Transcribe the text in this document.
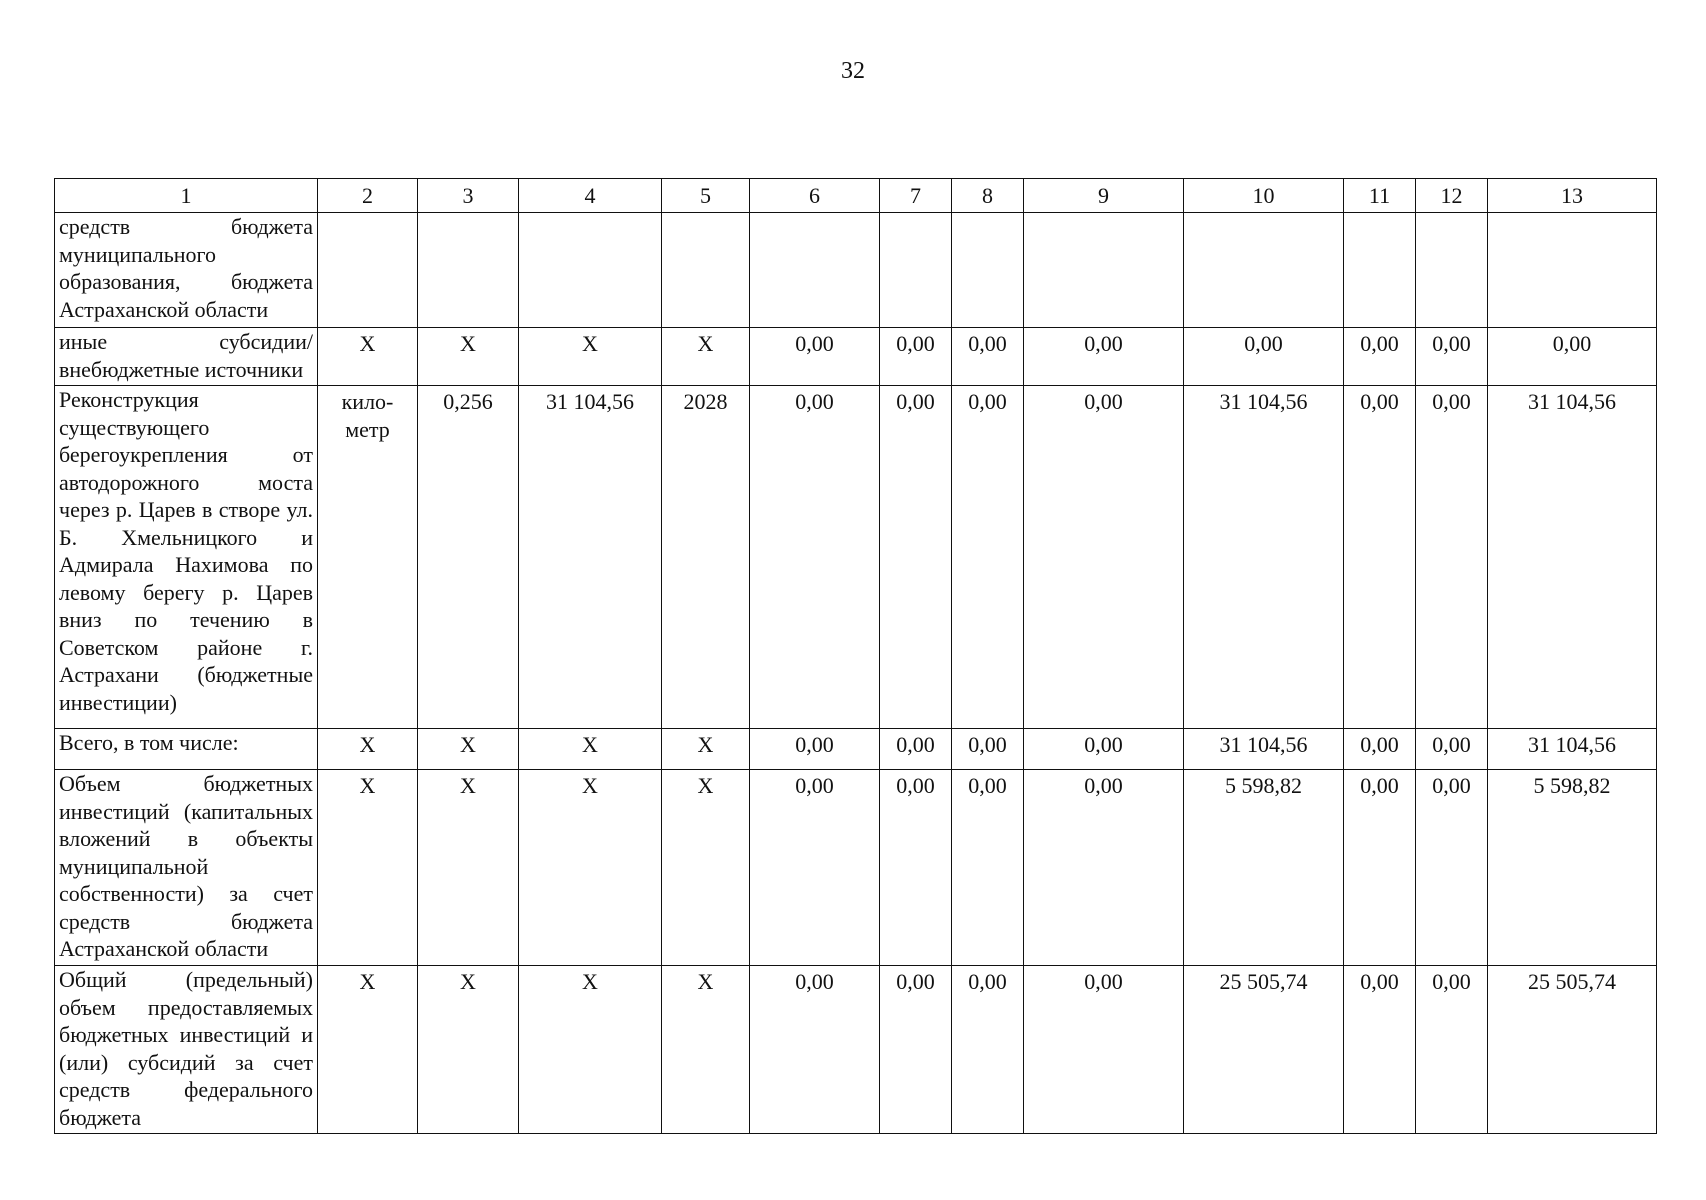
32
1	2	3	4	5	6	7	8	9	10	11	12	13
средств бюджета муниципального образования, бюджета Астраханской области												
иные субсидии/ внебюджетные источники	X	X	X	X	0,00	0,00	0,00	0,00	0,00	0,00	0,00	0,00
Реконструкция существующего берегоукрепления от автодорожного моста через р. Царев в створе ул. Б. Хмельницкого и Адмирала Нахимова по левому берегу р. Царев вниз по течению в Советском районе г. Астрахани (бюджетные инвестиции)	кило-метр	0,256	31 104,56	2028	0,00	0,00	0,00	0,00	31 104,56	0,00	0,00	31 104,56
Всего, в том числе:	X	X	X	X	0,00	0,00	0,00	0,00	31 104,56	0,00	0,00	31 104,56
Объем бюджетных инвестиций (капитальных вложений в объекты муниципальной собственности) за счет средств бюджета Астраханской области	X	X	X	X	0,00	0,00	0,00	0,00	5 598,82	0,00	0,00	5 598,82
Общий (предельный) объем предоставляемых бюджетных инвестиций и (или) субсидий за счет средств федерального бюджета	X	X	X	X	0,00	0,00	0,00	0,00	25 505,74	0,00	0,00	25 505,74
